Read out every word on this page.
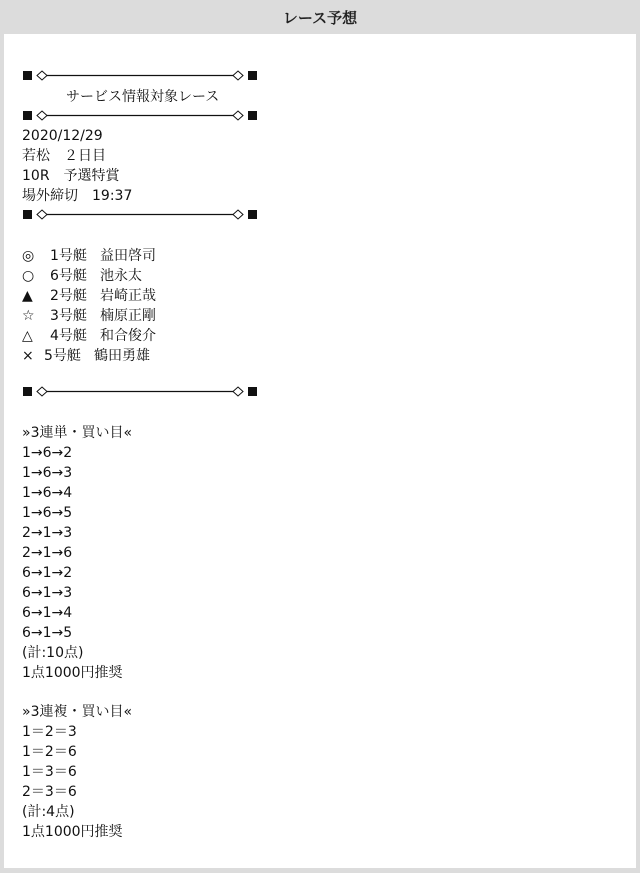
レース予想
サービス情報対象レース
2020/12/29
若松　２日目
10R　予選特賞
場外締切　19:37
◎ 1号艇 益田啓司
○ 6号艇 池永太
▲ 2号艇 岩崎正哉
☆ 3号艇 楠原正剛
△ 4号艇 和合俊介
× 5号艇 鶴田勇雄
»3連単・買い目«
1→6→2
1→6→3
1→6→4
1→6→5
2→1→3
2→1→6
6→1→2
6→1→3
6→1→4
6→1→5
(計:10点)
1点1000円推奨
»3連複・買い目«
1＝2＝3
1＝2＝6
1＝3＝6
2＝3＝6
(計:4点)
1点1000円推奨
